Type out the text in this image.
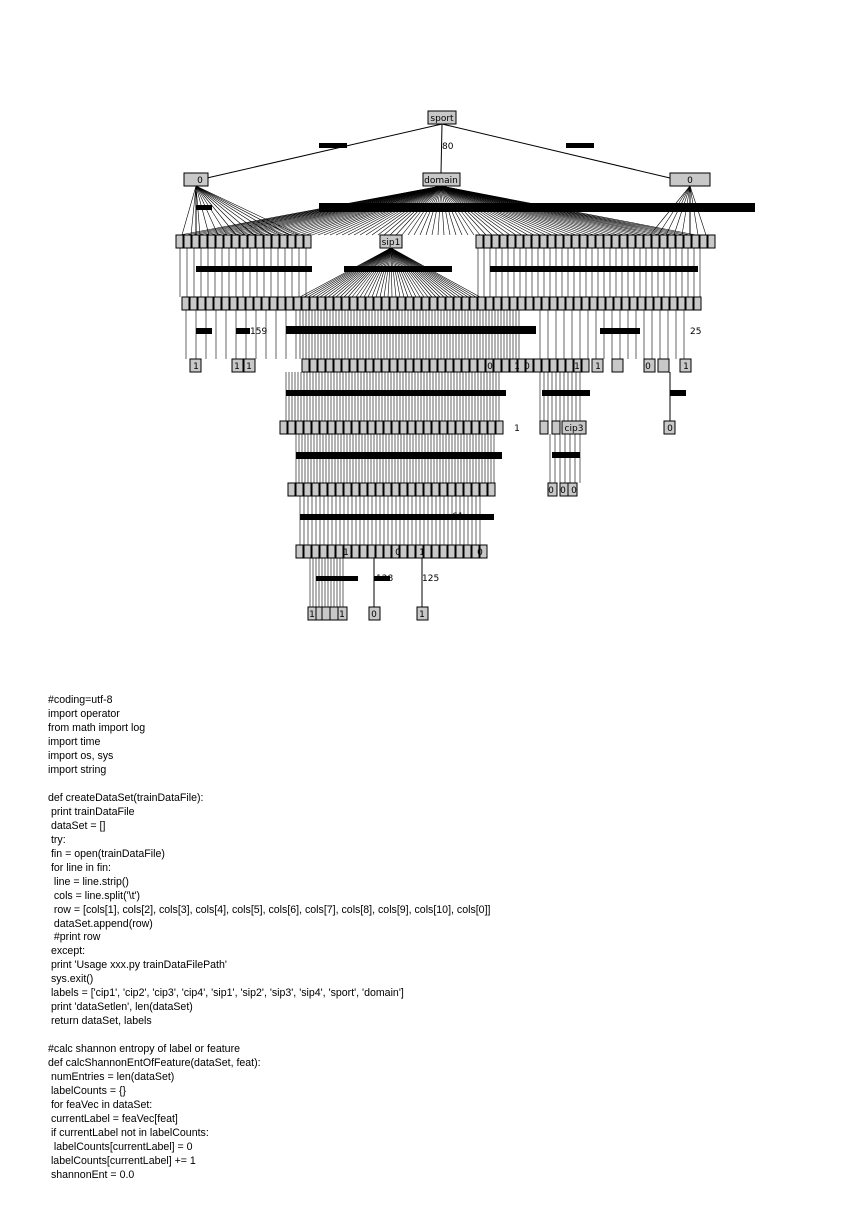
159	25
61
128	125
1	1 1	1	0	1
0 1 0	1
0
1
0 0 0
1	0 1
0
1	1
0
1
sport
80
0	domain	0
sip1
cip3
#coding=utf-8
import operator
from math import log
import time
import os, sys
import string
def createDataSet(trainDataFile):
print trainDataFile
dataSet = []
try:
fin = open(trainDataFile)
for line in fin:
line = line.strip()
cols = line.split('\t')
row = [cols[1], cols[2], cols[3], cols[4], cols[5], cols[6], cols[7], cols[8], cols[9], cols[10], cols[0]]
dataSet.append(row)
#print row
except:
print 'Usage xxx.py trainDataFilePath'
sys.exit()
labels = ['cip1', 'cip2', 'cip3', 'cip4', 'sip1', 'sip2', 'sip3', 'sip4', 'sport', 'domain']
print 'dataSetlen', len(dataSet)
return dataSet, labels
#calc shannon entropy of label or feature
def calcShannonEntOfFeature(dataSet, feat):
numEntries = len(dataSet)
labelCounts = {}
for feaVec in dataSet:
currentLabel = feaVec[feat]
if currentLabel not in labelCounts:
labelCounts[currentLabel] = 0
labelCounts[currentLabel] += 1
shannonEnt = 0.0
